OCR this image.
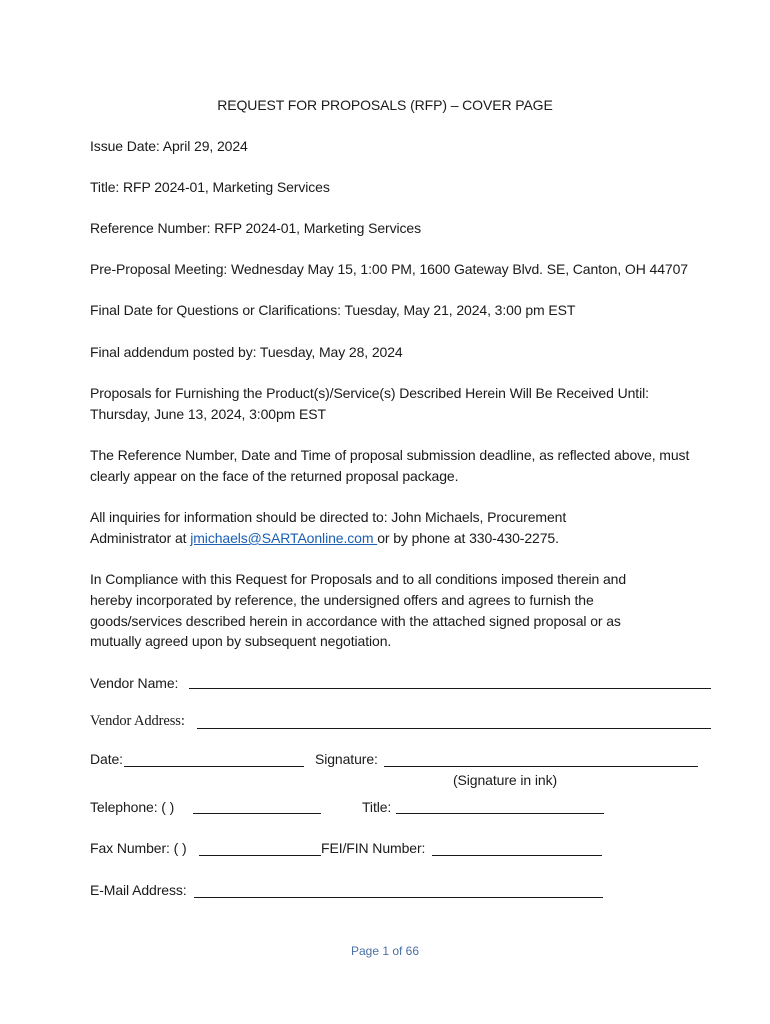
REQUEST FOR PROPOSALS (RFP) – COVER PAGE
Issue Date: April 29, 2024
Title: RFP 2024-01, Marketing Services
Reference Number: RFP 2024-01, Marketing Services
Pre-Proposal Meeting: Wednesday May 15, 1:00 PM, 1600 Gateway Blvd. SE, Canton, OH 44707
Final Date for Questions or Clarifications: Tuesday, May 21, 2024, 3:00 pm EST
Final addendum posted by: Tuesday, May 28, 2024
Proposals for Furnishing the Product(s)/Service(s) Described Herein Will Be Received Until:
Thursday, June 13, 2024, 3:00pm EST
The Reference Number, Date and Time of proposal submission deadline, as reflected above, must
clearly appear on the face of the returned proposal package.
All inquiries for information should be directed to: John Michaels, Procurement
Administrator at jmichaels@SARTAonline.com or by phone at 330-430-2275.
In Compliance with this Request for Proposals and to all conditions imposed therein and
hereby incorporated by reference, the undersigned offers and agrees to furnish the
goods/services described herein in accordance with the attached signed proposal or as
mutually agreed upon by subsequent negotiation.
Vendor Name:
Vendor Address:
Date:	Signature:
(Signature in ink)
Telephone: ( )	Title:
Fax Number: ( )	FEI/FIN Number:
E-Mail Address:
Page 1 of 66
